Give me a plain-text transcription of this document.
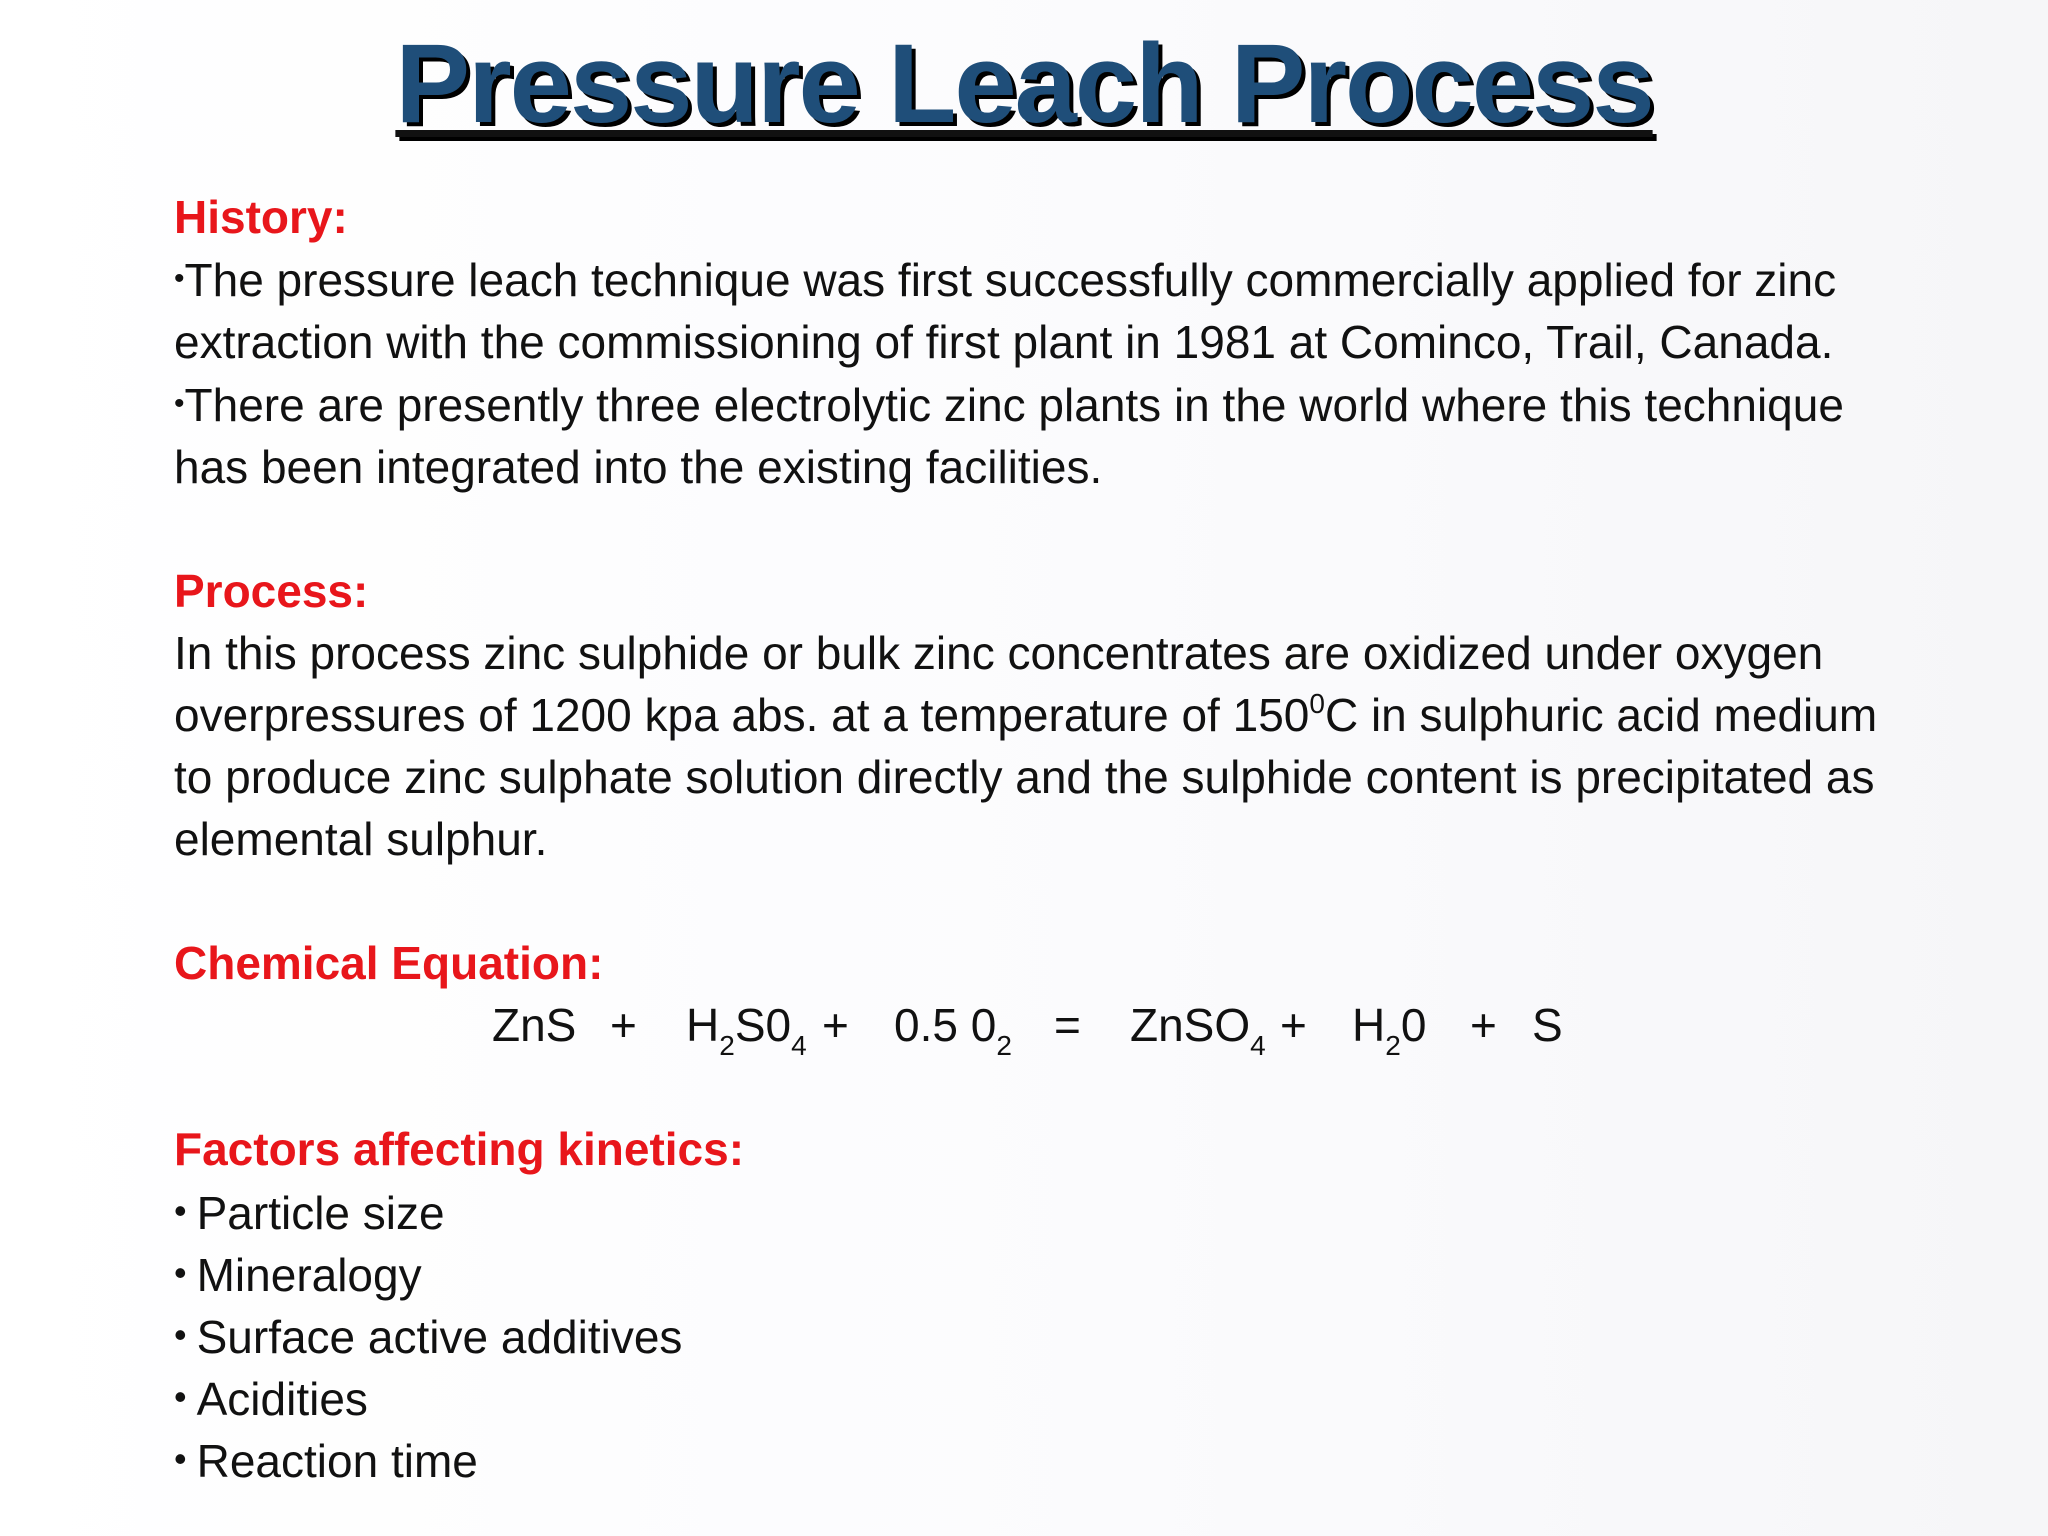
Pressure Leach Process
History:

•The pressure leach technique was first successfully commercially applied for zinc extraction with the commissioning of first plant in 1981 at Cominco, Trail, Canada.

•There are presently three electrolytic zinc plants in the world where this technique has been integrated into the existing facilities.

Process:

In this process zinc sulphide or bulk zinc concentrates are oxidized under oxygen overpressures of 1200 kpa abs. at a temperature of $150^0C$ in sulphuric acid medium to produce zinc sulphate solution directly and the sulphide content is precipitated as elemental sulphur.

Chemical Equation:
ZnS + $H_2S0_4 + 0.5$ $0_2$ = ZnSO$_4$ + $H_20 + S$
Factors affecting kinetics:
• Particle size
• Mineralogy
• Surface active additives
• Acidities
• Reaction time
